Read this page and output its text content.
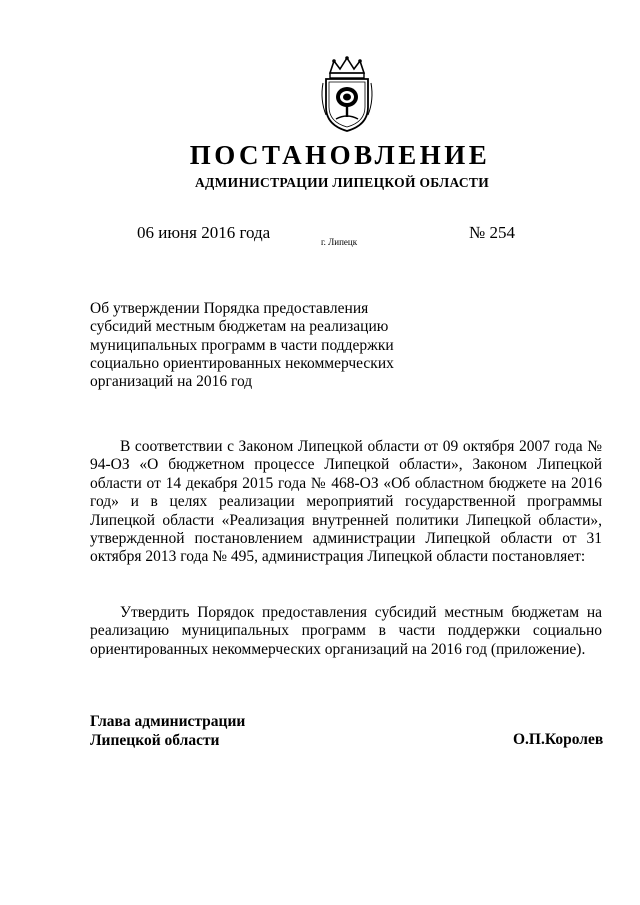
ПОСТАНОВЛЕНИЕ
АДМИНИСТРАЦИИ ЛИПЕЦКОЙ ОБЛАСТИ
06 июня 2016 года	г. Липецк	№ 254
Об утверждении Порядка предоставления
субсидий местным бюджетам на реализацию
муниципальных программ в части поддержки
социально ориентированных некоммерческих
организаций на 2016 год
В соответствии с Законом Липецкой области от 09 октября 2007 года № 94-ОЗ «О бюджетном процессе Липецкой области», Законом Липецкой области от 14 декабря 2015 года № 468-ОЗ «Об областном бюджете на 2016 год» и в целях реализации мероприятий государственной программы Липецкой области «Реализация внутренней политики Липецкой области», утвержденной постановлением администрации Липецкой области от 31 октября 2013 года № 495, администрация Липецкой области постановляет:
Утвердить Порядок предоставления субсидий местным бюджетам на реализацию муниципальных программ в части поддержки социально ориентированных некоммерческих организаций на 2016 год (приложение).
Глава администрации
Липецкой области	О.П.Королев
